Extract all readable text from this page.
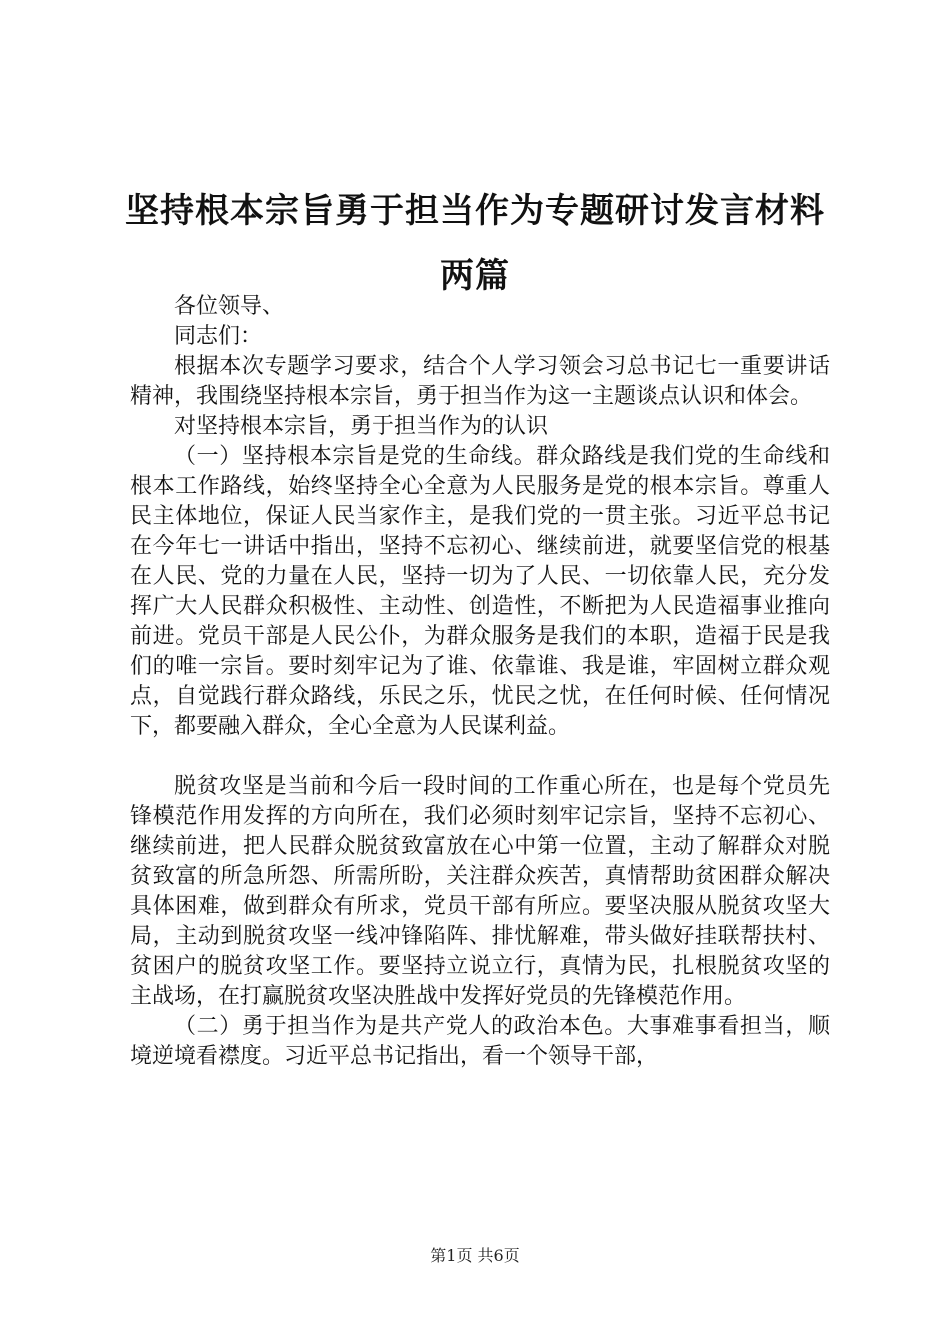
坚持根本宗旨勇于担当作为专题研讨发言材料
两篇

各位领导、

同志们：

根据本次专题学习要求，结合个人学习领会习总书记七一重要讲话精神，我围绕坚持根本宗旨，勇于担当作为这一主题谈点认识和体会。

对坚持根本宗旨，勇于担当作为的认识

（一）坚持根本宗旨是党的生命线。群众路线是我们党的生命线和根本工作路线，始终坚持全心全意为人民服务是党的根本宗旨。尊重人民主体地位，保证人民当家作主，是我们党的一贯主张。习近平总书记在今年七一讲话中指出，坚持不忘初心、继续前进，就要坚信党的根基在人民、党的力量在人民，坚持一切为了人民、一切依靠人民，充分发挥广大人民群众积极性、主动性、创造性，不断把为人民造福事业推向前进。党员干部是人民公仆，为群众服务是我们的本职，造福于民是我们的唯一宗旨。要时刻牢记为了谁、依靠谁、我是谁，牢固树立群众观点，自觉践行群众路线，乐民之乐，忧民之忧，在任何时候、任何情况下，都要融入群众，全心全意为人民谋利益。

脱贫攻坚是当前和今后一段时间的工作重心所在，也是每个党员先锋模范作用发挥的方向所在，我们必须时刻牢记宗旨，坚持不忘初心、继续前进，把人民群众脱贫致富放在心中第一位置，主动了解群众对脱贫致富的所急所怨、所需所盼，关注群众疾苦，真情帮助贫困群众解决具体困难，做到群众有所求，党员干部有所应。要坚决服从脱贫攻坚大局，主动到脱贫攻坚一线冲锋陷阵、排忧解难，带头做好挂联帮扶村、贫困户的脱贫攻坚工作。要坚持立说立行，真情为民，扎根脱贫攻坚的主战场，在打赢脱贫攻坚决胜战中发挥好党员的先锋模范作用。

（二）勇于担当作为是共产党人的政治本色。大事难事看担当，顺境逆境看襟度。习近平总书记指出，看一个领导干部，

第1页 共6页
